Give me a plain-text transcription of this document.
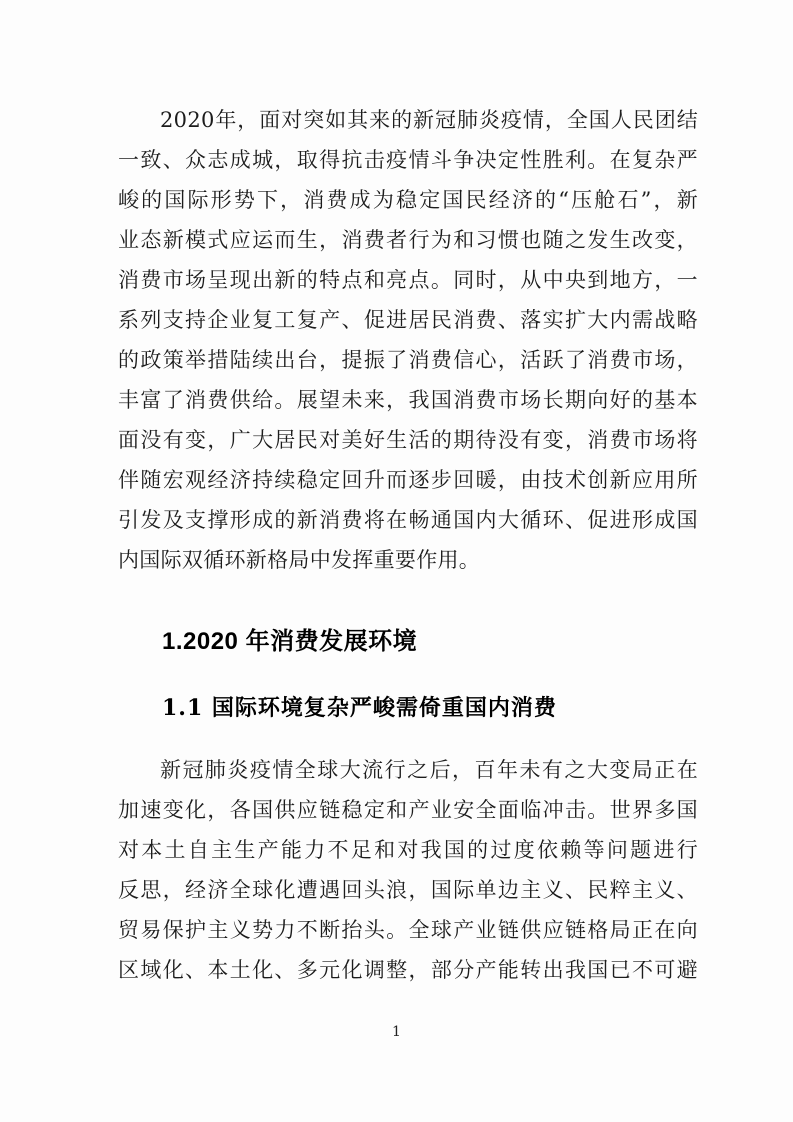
2020年，面对突如其来的新冠肺炎疫情，全国人民团结
一致、众志成城，取得抗击疫情斗争决定性胜利。在复杂严
峻的国际形势下，消费成为稳定国民经济的“压舱石”，新
业态新模式应运而生，消费者行为和习惯也随之发生改变，
消费市场呈现出新的特点和亮点。同时，从中央到地方，一
系列支持企业复工复产、促进居民消费、落实扩大内需战略
的政策举措陆续出台，提振了消费信心，活跃了消费市场，
丰富了消费供给。展望未来，我国消费市场长期向好的基本
面没有变，广大居民对美好生活的期待没有变，消费市场将
伴随宏观经济持续稳定回升而逐步回暖，由技术创新应用所
引发及支撑形成的新消费将在畅通国内大循环、促进形成国
内国际双循环新格局中发挥重要作用。
1.2020 年消费发展环境
1.1 国际环境复杂严峻需倚重国内消费
新冠肺炎疫情全球大流行之后，百年未有之大变局正在
加速变化，各国供应链稳定和产业安全面临冲击。世界多国
对本土自主生产能力不足和对我国的过度依赖等问题进行
反思，经济全球化遭遇回头浪，国际单边主义、民粹主义、
贸易保护主义势力不断抬头。全球产业链供应链格局正在向
区域化、本土化、多元化调整，部分产能转出我国已不可避
1
